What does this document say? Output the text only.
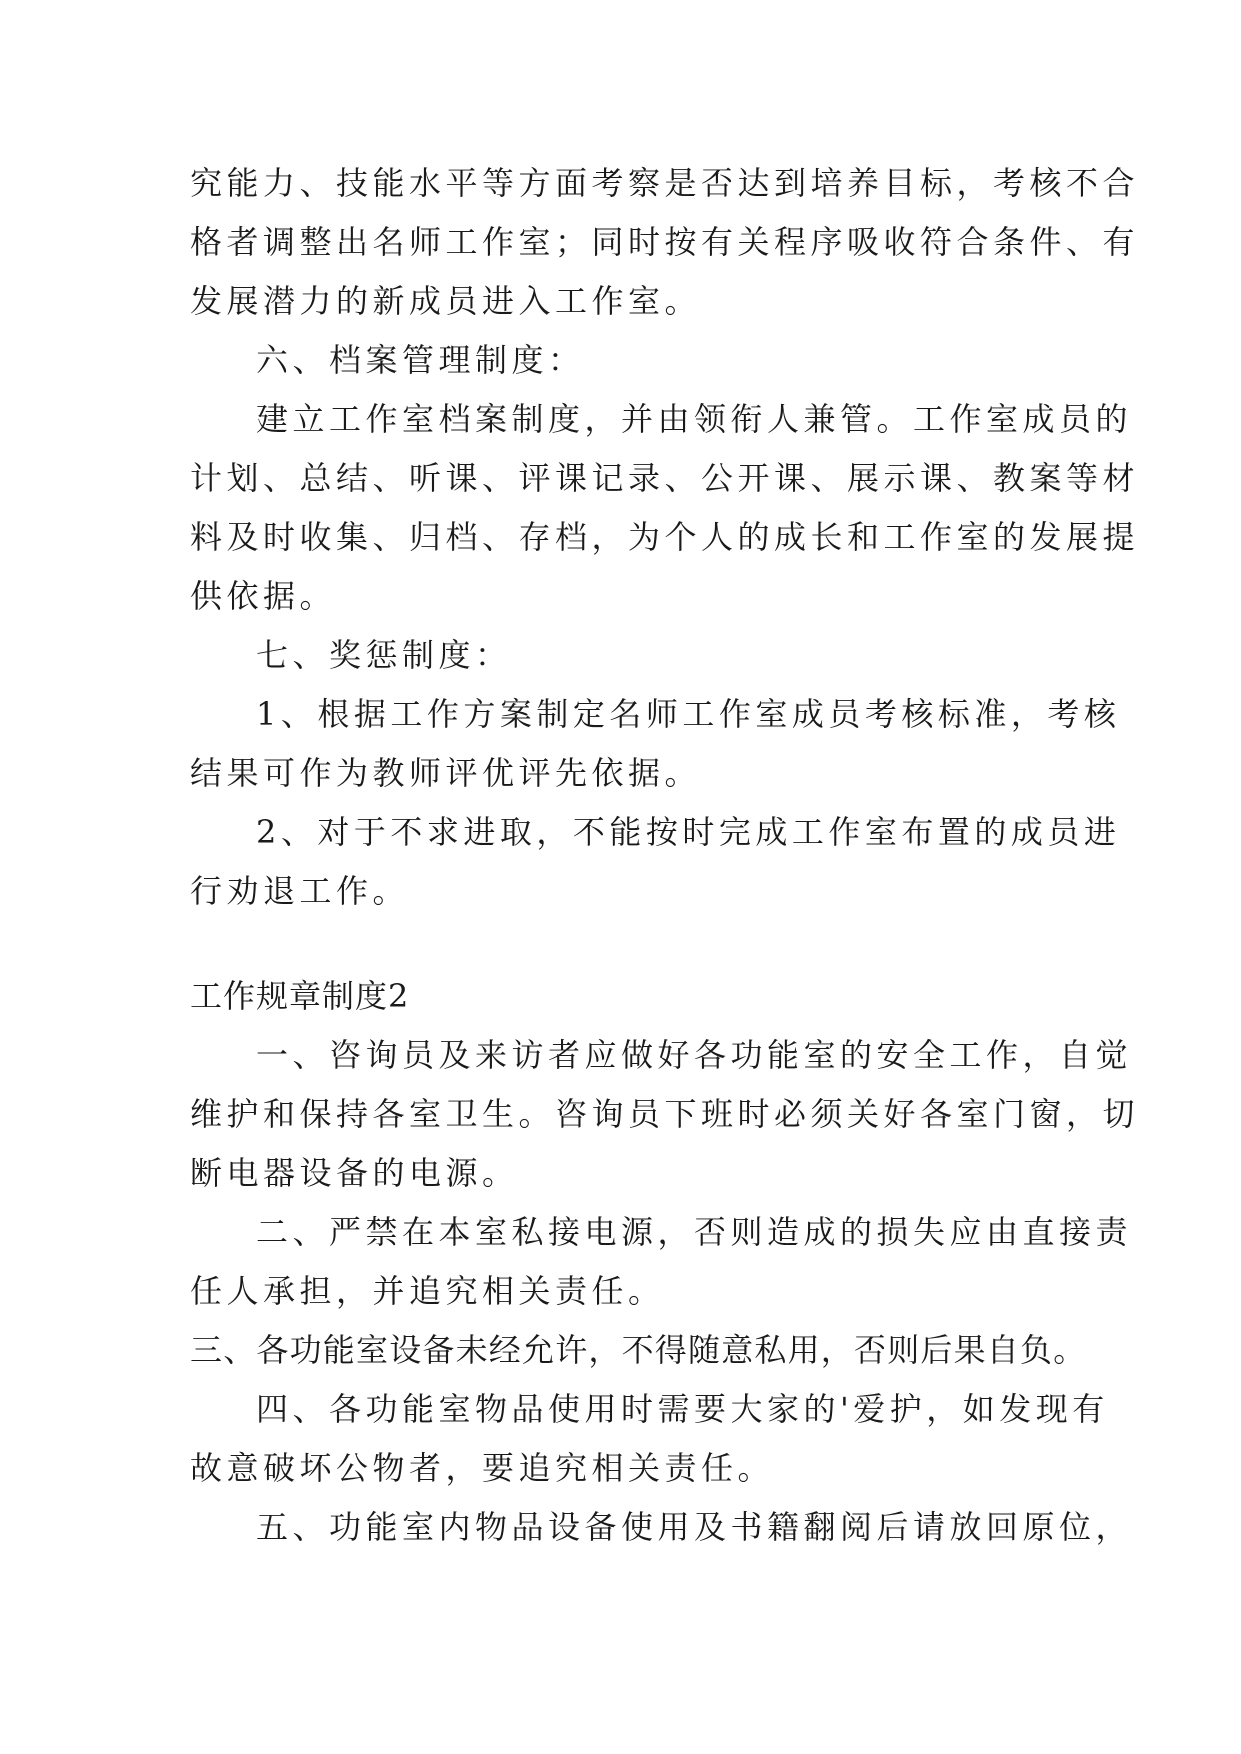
究能力、技能水平等方面考察是否达到培养目标，考核不合
格者调整出名师工作室；同时按有关程序吸收符合条件、有
发展潜力的新成员进入工作室。
六、档案管理制度：
建立工作室档案制度，并由领衔人兼管。工作室成员的
计划、总结、听课、评课记录、公开课、展示课、教案等材
料及时收集、归档、存档，为个人的成长和工作室的发展提
供依据。
七、奖惩制度：
1、根据工作方案制定名师工作室成员考核标准，考核
结果可作为教师评优评先依据。
2、对于不求进取，不能按时完成工作室布置的成员进
行劝退工作。
工作规章制度2
一、咨询员及来访者应做好各功能室的安全工作，自觉
维护和保持各室卫生。咨询员下班时必须关好各室门窗，切
断电器设备的电源。
二、严禁在本室私接电源，否则造成的损失应由直接责
任人承担，并追究相关责任。
三、各功能室设备未经允许，不得随意私用，否则后果自负。
四、各功能室物品使用时需要大家的'爱护，如发现有
故意破坏公物者，要追究相关责任。
五、功能室内物品设备使用及书籍翻阅后请放回原位，
